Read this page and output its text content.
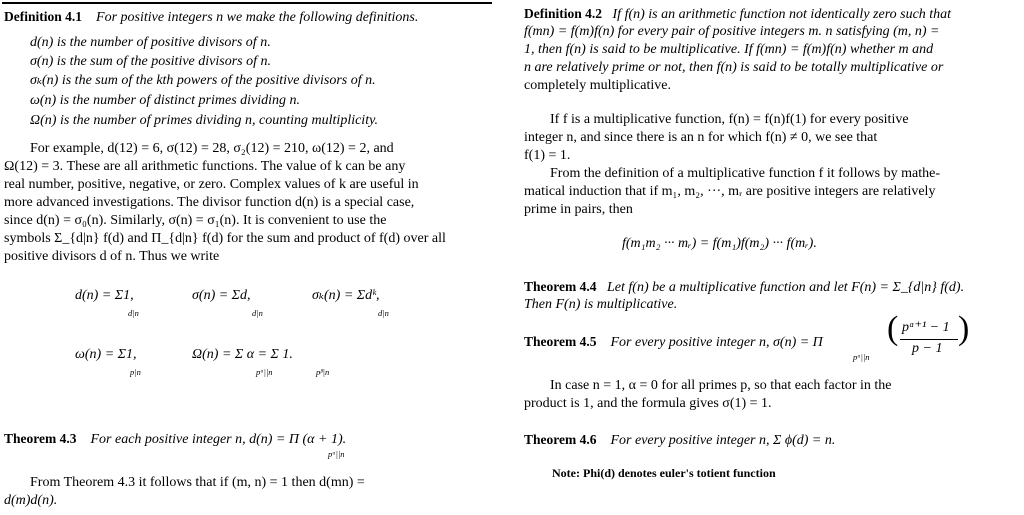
Definition 4.1 For positive integers n we make the following definitions.
d(n) is the number of positive divisors of n.
σ(n) is the sum of the positive divisors of n.
σₖ(n) is the sum of the kth powers of the positive divisors of n.
ω(n) is the number of distinct primes dividing n.
Ω(n) is the number of primes dividing n, counting multiplicity.
For example, d(12) = 6, σ(12) = 28, σ₂(12) = 210, ω(12) = 2, and
Ω(12) = 3. These are all arithmetic functions. The value of k can be any
real number, positive, negative, or zero. Complex values of k are useful in
more advanced investigations. The divisor function d(n) is a special case,
since d(n) = σ₀(n). Similarly, σ(n) = σ₁(n). It is convenient to use the
symbols Σ_{d|n} f(d) and Π_{d|n} f(d) for the sum and product of f(d) over all
positive divisors d of n. Thus we write
d(n) = Σ1,
d|n
σ(n) = Σd,
d|n
σₖ(n) = Σdᵏ,
d|n
ω(n) = Σ1,
p|n
Ω(n) = Σ α = Σ 1.
pᵅ||n	pᵝ|n
Theorem 4.3 For each positive integer n, d(n) = Π (α + 1).
pᵅ||n
From Theorem 4.3 it follows that if (m, n) = 1 then d(mn) =
d(m)d(n).
Definition 4.2 If f(n) is an arithmetic function not identically zero such that
f(mn) = f(m)f(n) for every pair of positive integers m. n satisfying (m, n) =
1, then f(n) is said to be multiplicative. If f(mn) = f(m)f(n) whether m and
n are relatively prime or not, then f(n) is said to be totally multiplicative or
completely multiplicative.
If f is a multiplicative function, f(n) = f(n)f(1) for every positive
integer n, and since there is an n for which f(n) ≠ 0, we see that
f(1) = 1.
From the definition of a multiplicative function f it follows by mathe-
matical induction that if m₁, m₂, ···, mᵣ are positive integers are relatively
prime in pairs, then
f(m₁m₂ ··· mᵣ) = f(m₁)f(m₂) ··· f(mᵣ).
Theorem 4.4 Let f(n) be a multiplicative function and let F(n) = Σ_{d|n} f(d).
Then F(n) is multiplicative.
Theorem 4.5 For every positive integer n, σ(n) = Π
pᵅ||n
( pᵅ⁺¹ − 1
p − 1
)
In case n = 1, α = 0 for all primes p, so that each factor in the
product is 1, and the formula gives σ(1) = 1.
Theorem 4.6 For every positive integer n, Σ ϕ(d) = n.
Note: Phi(d) denotes euler's totient function
